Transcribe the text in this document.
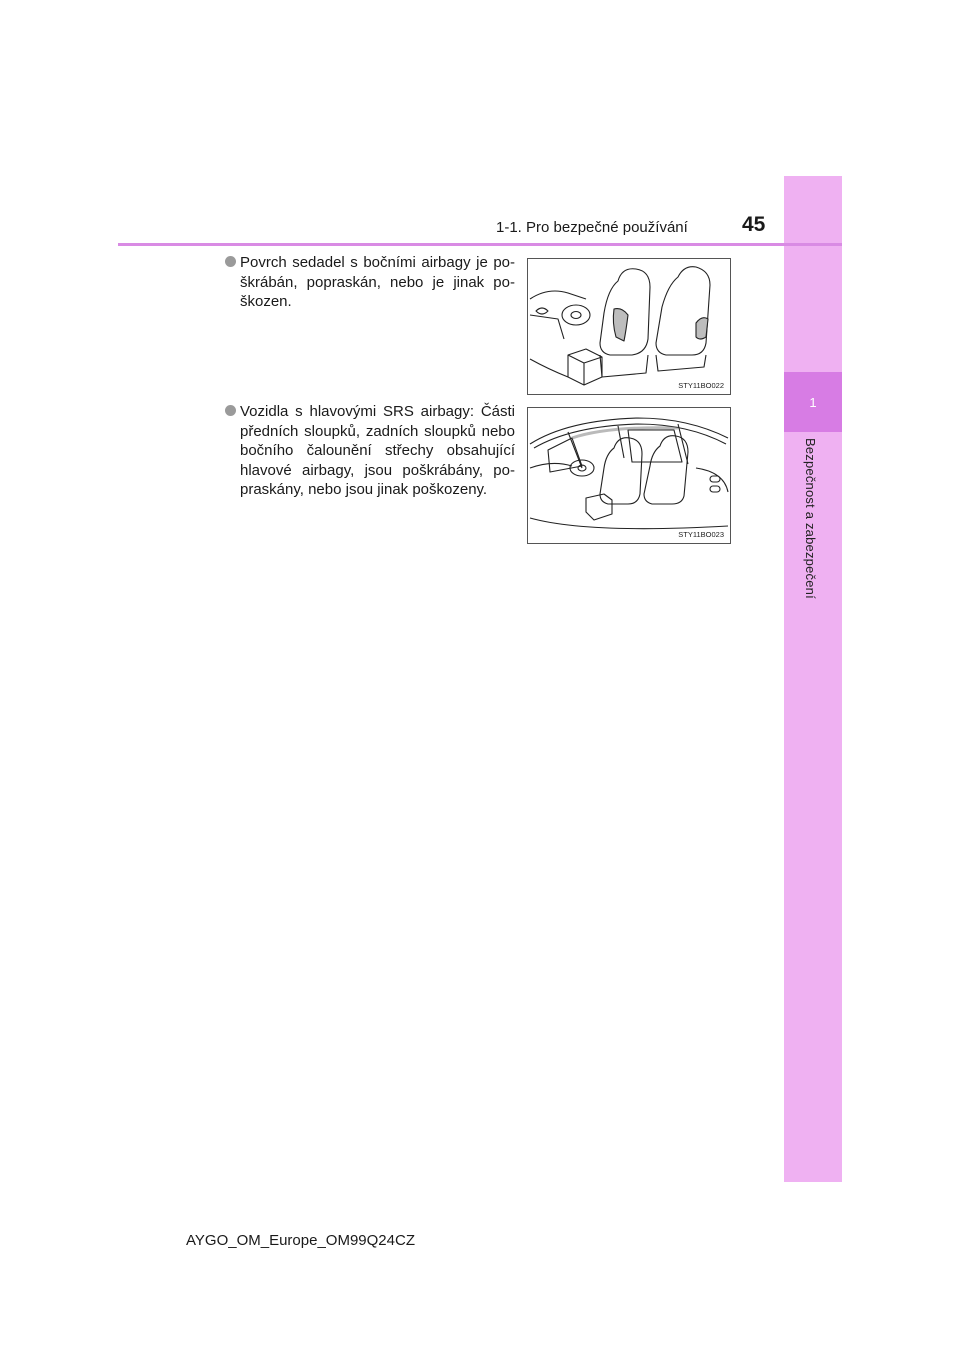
1
Bezpečnost a zabezpečení
1-1. Pro bezpečné používání	45
Povrch sedadel s bočními airbagy je po-škrábán, popraskán, nebo je jinak po-škozen.
STY11BO022
Vozidla s hlavovými SRS airbagy: Části předních sloupků, zadních sloupků nebo bočního čalounění střechy obsahující hlavové airbagy, jsou poškrábány, po-praskány, nebo jsou jinak poškozeny.
STY11BO023
AYGO_OM_Europe_OM99Q24CZ
